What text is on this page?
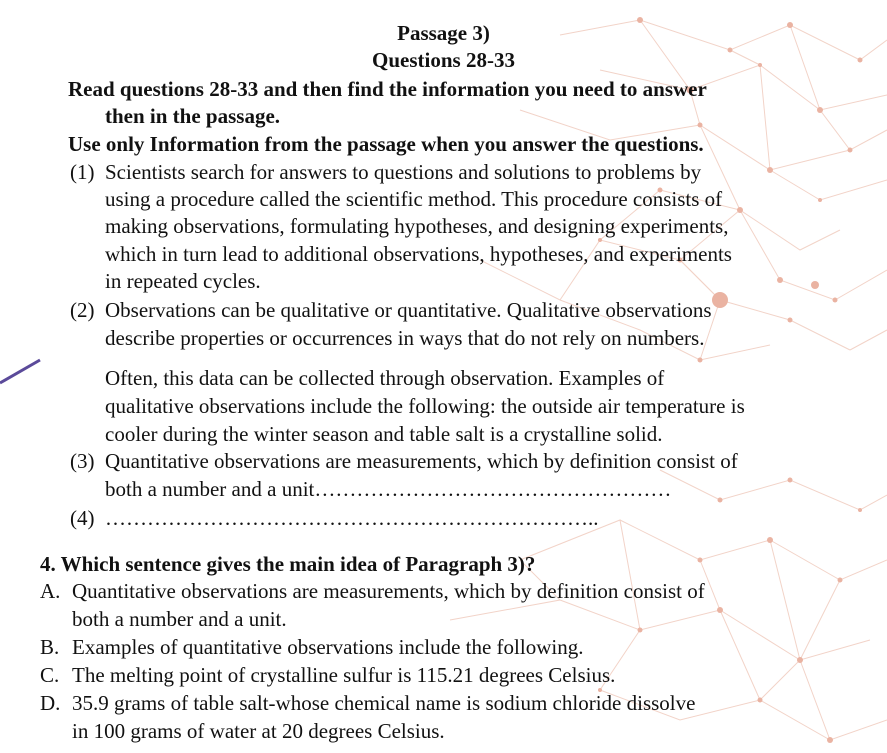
Passage 3)

Questions 28-33

Read questions 28-33 and then find the information you need to answer

then in the passage.

Use only Information from the passage when you answer the questions.

(1) Scientists search for answers to questions and solutions to problems by

using a procedure called the scientific method. This procedure consists of

making observations, formulating hypotheses, and designing experiments,

which in turn lead to additional observations, hypotheses, and experiments

in repeated cycles.

(2) Observations can be qualitative or quantitative. Qualitative observations

describe properties or occurrences in ways that do not rely on numbers.

Often, this data can be collected through observation. Examples of

qualitative observations include the following: the outside air temperature is

cooler during the winter season and table salt is a crystalline solid.

(3) Quantitative observations are measurements, which by definition consist of

both a number and a unit……………………………………………

(4) ……………………………………………………………..

4. Which sentence gives the main idea of Paragraph 3)?

A. Quantitative observations are measurements, which by definition consist of

both a number and a unit.

B. Examples of quantitative observations include the following.

C. The melting point of crystalline sulfur is 115.21 degrees Celsius.

D. 35.9 grams of table salt-whose chemical name is sodium chloride dissolve

in 100 grams of water at 20 degrees Celsius.
